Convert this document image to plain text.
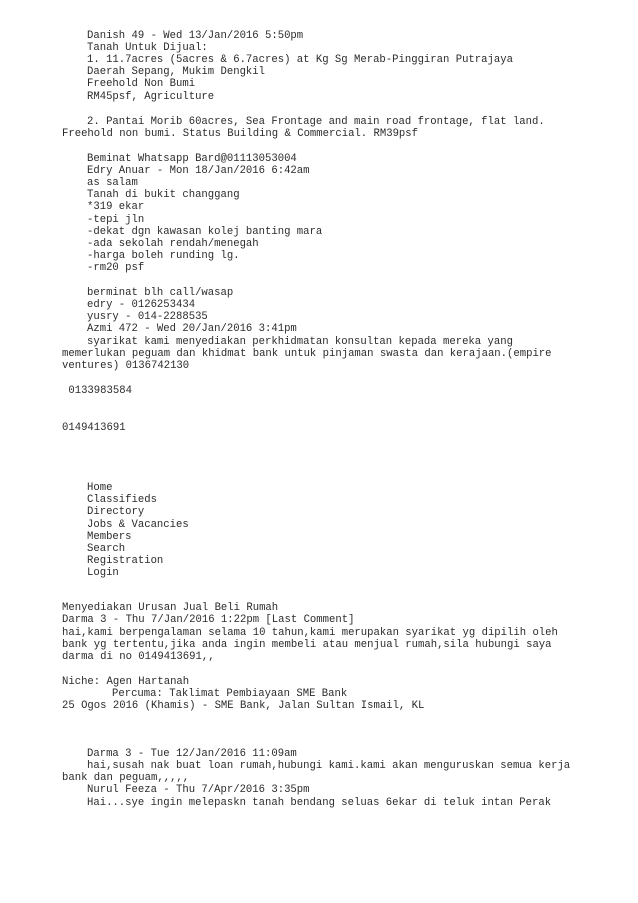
Danish 49 - Wed 13/Jan/2016 5:50pm
Tanah Untuk Dijual:
1. 11.7acres (5acres & 6.7acres) at Kg Sg Merab-Pinggiran Putrajaya
Daerah Sepang, Mukim Dengkil
Freehold Non Bumi
RM45psf, Agriculture
2. Pantai Morib 60acres, Sea Frontage and main road frontage, flat land.
Freehold non bumi. Status Building & Commercial. RM39psf
Beminat Whatsapp Bard@01113053004
Edry Anuar - Mon 18/Jan/2016 6:42am
as salam
Tanah di bukit changgang
*319 ekar
-tepi jln
-dekat dgn kawasan kolej banting mara
-ada sekolah rendah/menegah
-harga boleh runding lg.
-rm20 psf
berminat blh call/wasap
edry - 0126253434
yusry - 014-2288535
Azmi 472 - Wed 20/Jan/2016 3:41pm
syarikat kami menyediakan perkhidmatan konsultan kepada mereka yang
memerlukan peguam dan khidmat bank untuk pinjaman swasta dan kerajaan.(empire
ventures) 0136742130
0133983584
0149413691
Home
Classifieds
Directory
Jobs & Vacancies
Members
Search
Registration
Login
Menyediakan Urusan Jual Beli Rumah
Darma 3 - Thu 7/Jan/2016 1:22pm [Last Comment]
hai,kami berpengalaman selama 10 tahun,kami merupakan syarikat yg dipilih oleh
bank yg tertentu,jika anda ingin membeli atau menjual rumah,sila hubungi saya
darma di no 0149413691,,
Niche: Agen Hartanah
Percuma: Taklimat Pembiayaan SME Bank
25 Ogos 2016 (Khamis) - SME Bank, Jalan Sultan Ismail, KL
Darma 3 - Tue 12/Jan/2016 11:09am
hai,susah nak buat loan rumah,hubungi kami.kami akan menguruskan semua kerja
bank dan peguam,,,,,
Nurul Feeza - Thu 7/Apr/2016 3:35pm
Hai...sye ingin melepaskn tanah bendang seluas 6ekar di teluk intan Perak
